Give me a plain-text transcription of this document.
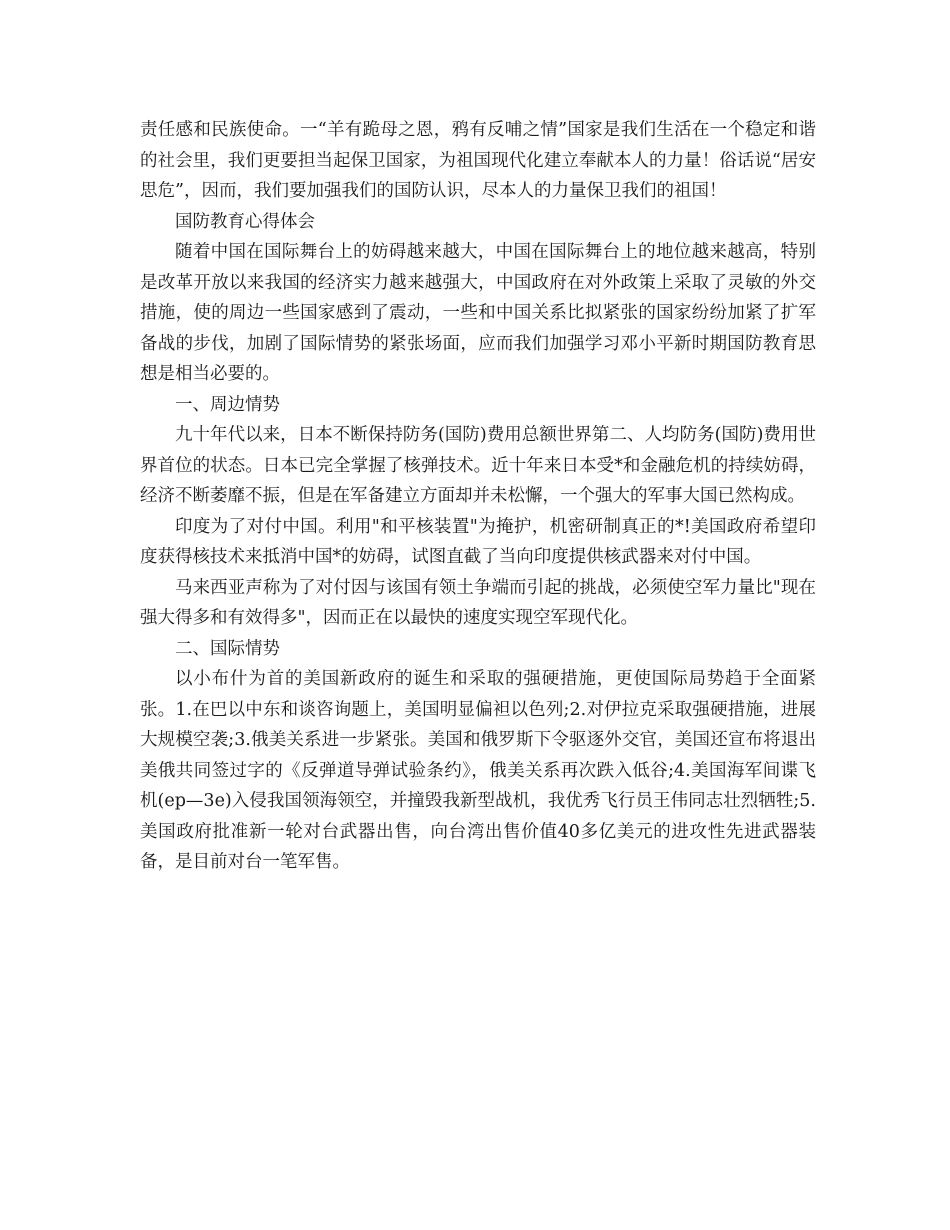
责任感和民族使命。一“羊有跪母之恩，鸦有反哺之情”国家是我们生活在一个稳定和谐的社会里，我们更要担当起保卫国家，为祖国现代化建立奉献本人的力量！俗话说“居安思危”，因而，我们要加强我们的国防认识，尽本人的力量保卫我们的祖国！

国防教育心得体会

随着中国在国际舞台上的妨碍越来越大，中国在国际舞台上的地位越来越高，特别是改革开放以来我国的经济实力越来越强大，中国政府在对外政策上采取了灵敏的外交措施，使的周边一些国家感到了震动，一些和中国关系比拟紧张的国家纷纷加紧了扩军备战的步伐，加剧了国际情势的紧张场面，应而我们加强学习邓小平新时期国防教育思想是相当必要的。

一、周边情势

九十年代以来，日本不断保持防务(国防)费用总额世界第二、人均防务(国防)费用世界首位的状态。日本已完全掌握了核弹技术。近十年来日本受*和金融危机的持续妨碍，经济不断萎靡不振，但是在军备建立方面却并未松懈，一个强大的军事大国已然构成。

印度为了对付中国。利用"和平核装置"为掩护，机密研制真正的*!美国政府希望印度获得核技术来抵消中国*的妨碍，试图直截了当向印度提供核武器来对付中国。

马来西亚声称为了对付因与该国有领土争端而引起的挑战，必须使空军力量比"现在强大得多和有效得多"，因而正在以最快的速度实现空军现代化。

二、国际情势

以小布什为首的美国新政府的诞生和采取的强硬措施，更使国际局势趋于全面紧张。1.在巴以中东和谈咨询题上，美国明显偏袒以色列;2.对伊拉克采取强硬措施，进展大规模空袭;3.俄美关系进一步紧张。美国和俄罗斯下令驱逐外交官，美国还宣布将退出美俄共同签过字的《反弹道导弹试验条约》，俄美关系再次跌入低谷;4.美国海军间谍飞机(ep—3e)入侵我国领海领空，并撞毁我新型战机，我优秀飞行员王伟同志壮烈牺牲;5.美国政府批准新一轮对台武器出售，向台湾出售价值40多亿美元的进攻性先进武器装备，是目前对台一笔军售。
